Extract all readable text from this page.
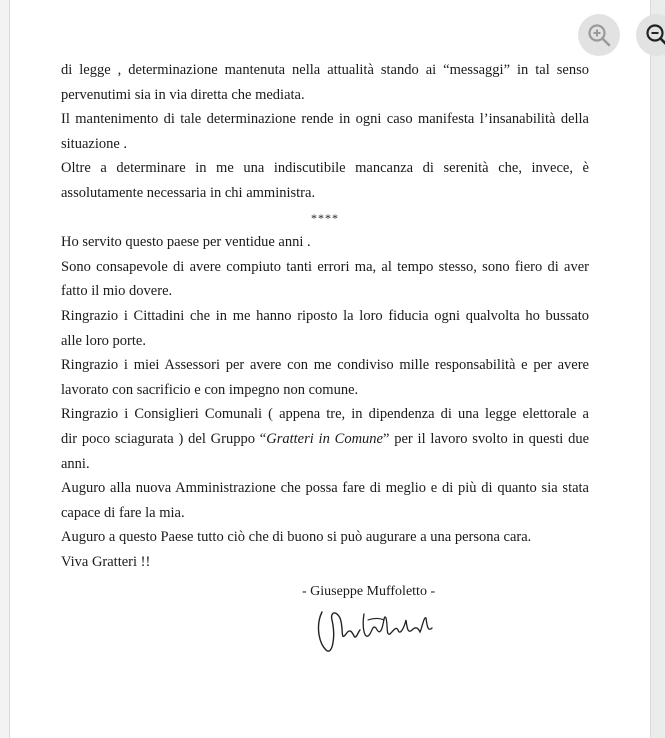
di legge , determinazione mantenuta nella attualità stando ai “messaggi” in tal senso
pervenutimi sia in via diretta che mediata.
Il mantenimento di tale determinazione rende in ogni caso manifesta l’insanabilità della
situazione .
Oltre a determinare in me una indiscutibile mancanza di serenità che, invece, è
assolutamente necessaria in chi amministra.
****
Ho servito questo paese per ventidue anni .
Sono consapevole di avere compiuto tanti errori ma, al tempo stesso, sono fiero di aver
fatto il mio dovere.
Ringrazio i Cittadini che in me hanno riposto la loro fiducia ogni qualvolta ho bussato
alle loro porte.
Ringrazio i miei Assessori per avere con me condiviso mille responsabilità e per avere
lavorato con sacrificio e con impegno non comune.
Ringrazio i Consiglieri Comunali ( appena tre, in dipendenza di una legge elettorale a
dir poco sciagurata ) del Gruppo “Gratteri in Comune” per il lavoro svolto in questi due
anni.
Auguro alla nuova Amministrazione che possa fare di meglio e di più di quanto sia stata
capace di fare la mia.
Auguro a questo Paese tutto ciò che di buono si può augurare a una persona cara.
Viva Gratteri !!
- Giuseppe Muffoletto -
